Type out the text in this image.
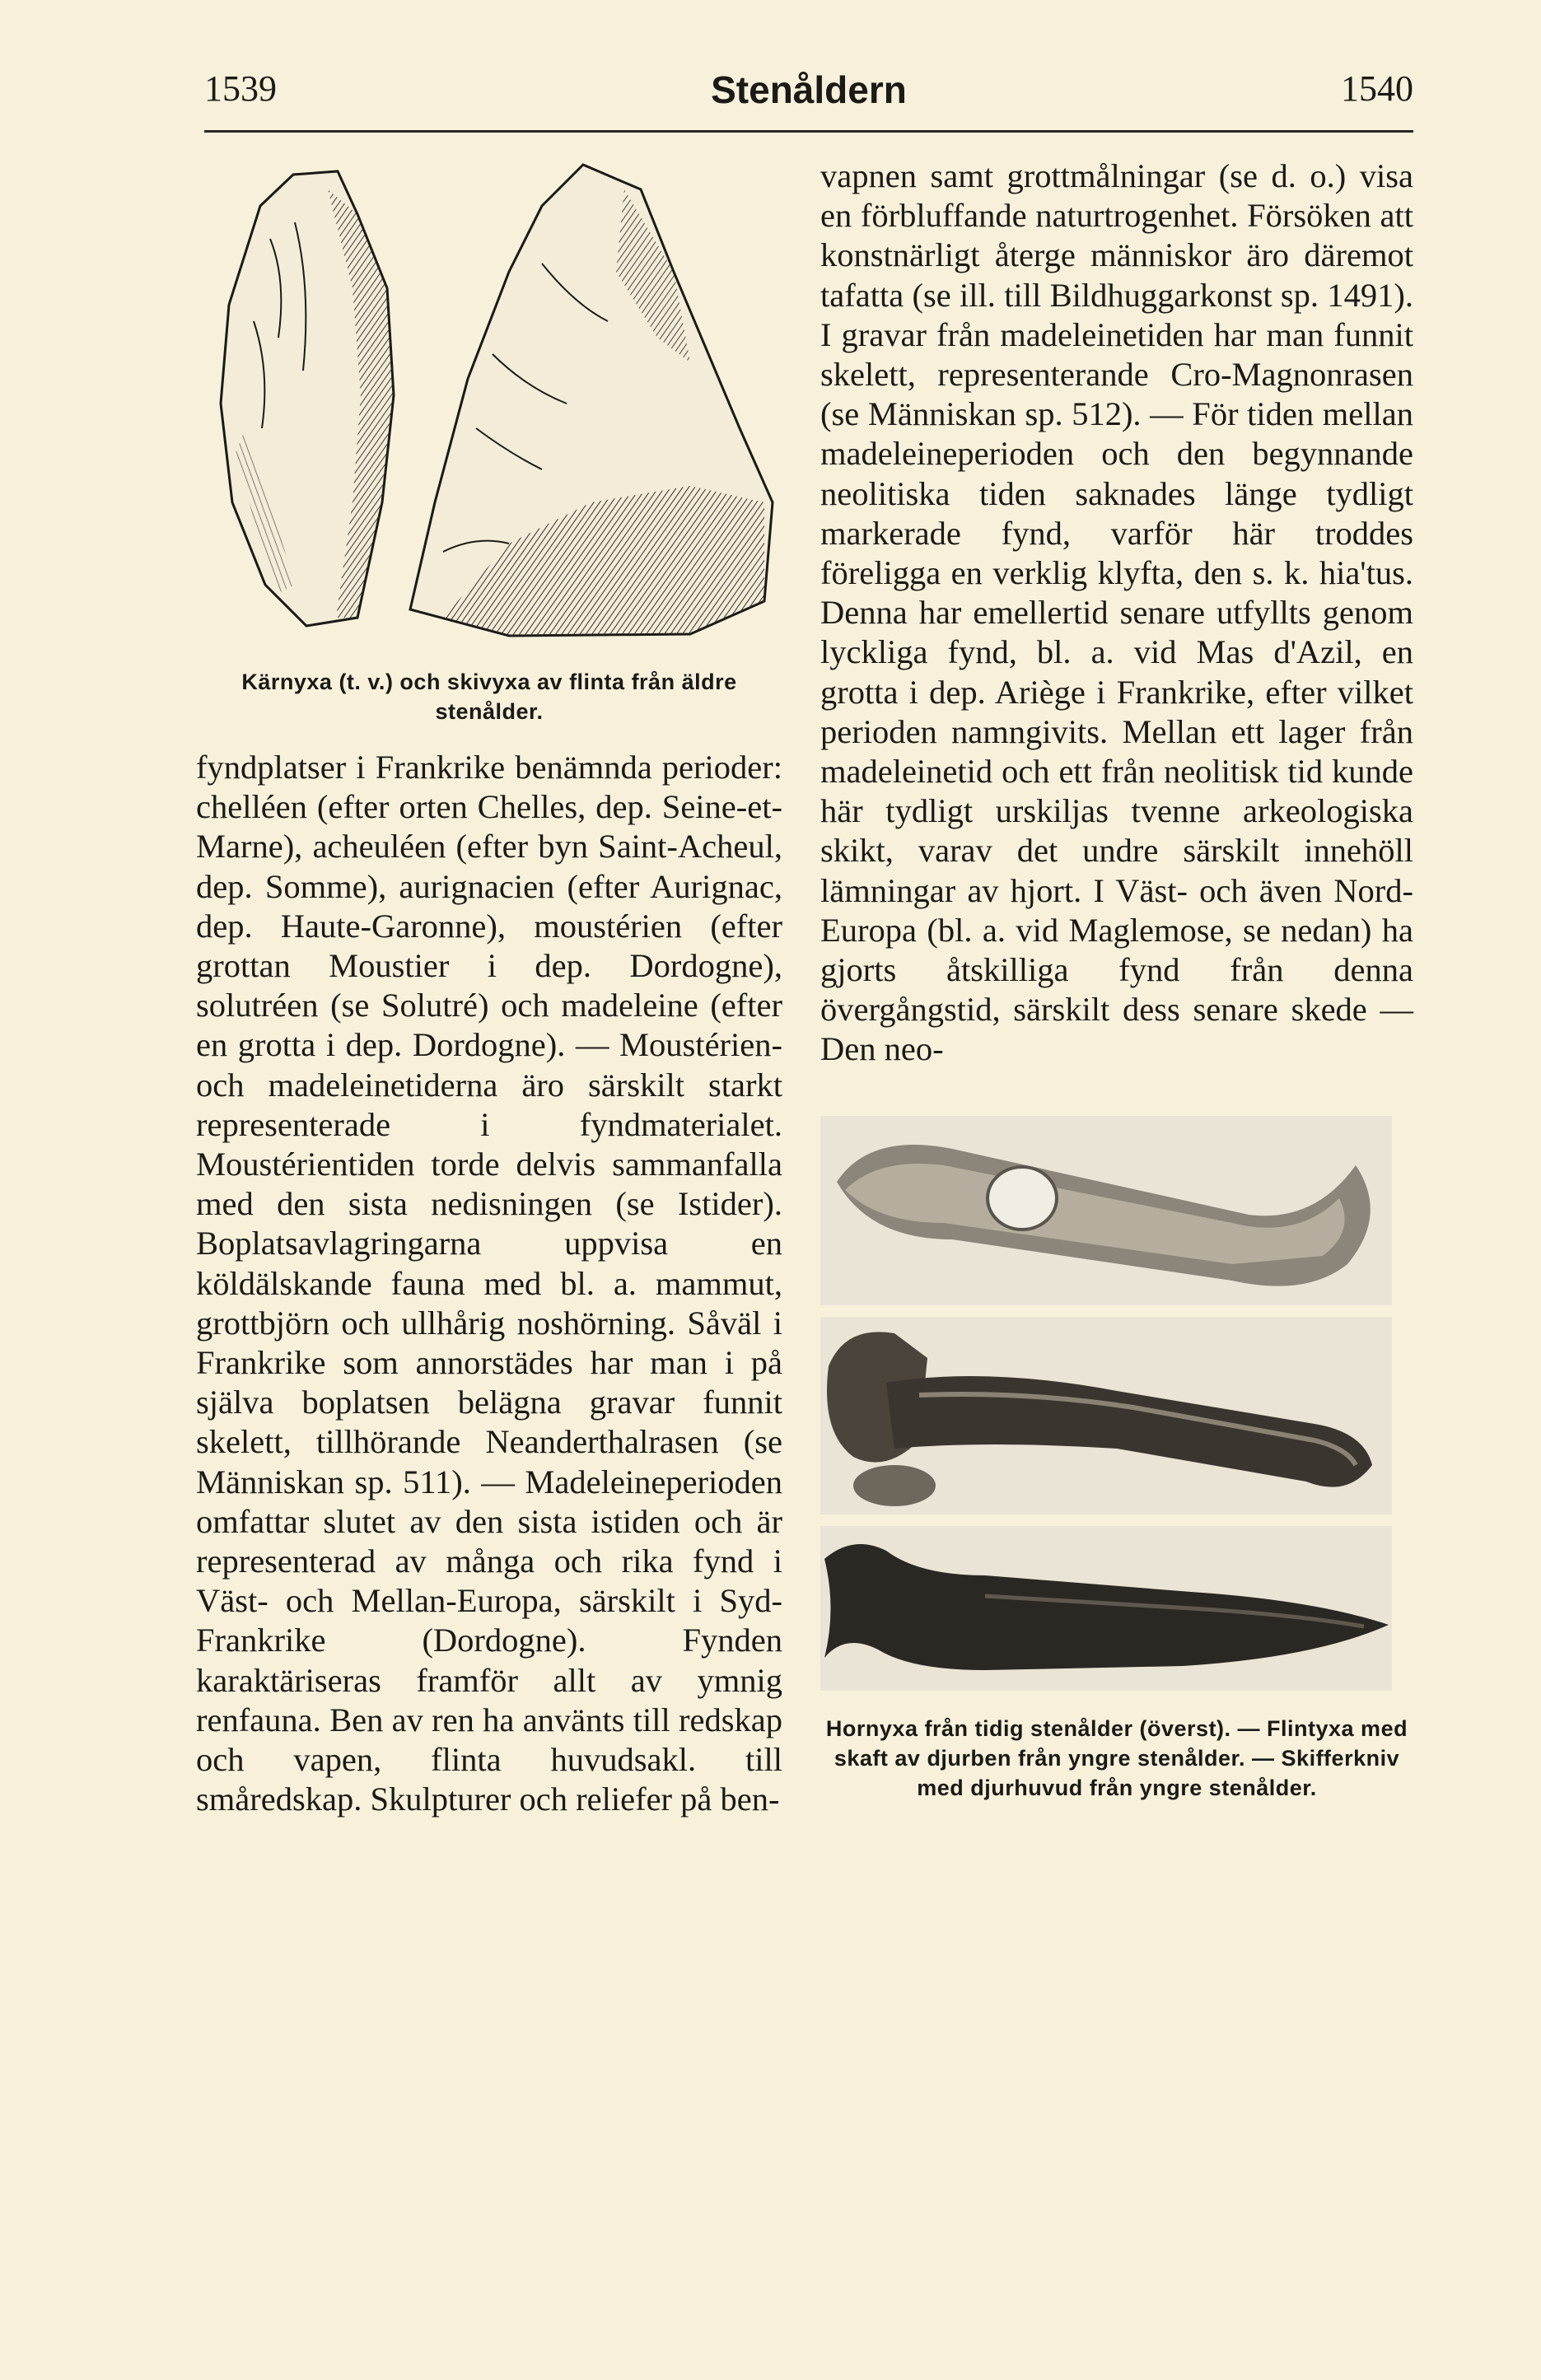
1539	Stenåldern	1540
Kärnyxa (t. v.) och skivyxa av flinta från äldre stenålder.
fyndplatser i Frankrike benämnda perioder: chelléen (efter orten Chelles, dep. Seine-et-Marne), acheuléen (efter byn Saint-Acheul, dep. Somme), aurignacien (efter Aurignac, dep. Haute-Garonne), moustérien (efter grottan Moustier i dep. Dordogne), solutréen (se Solutré) och madeleine (efter en grotta i dep. Dordogne). — Moustérien- och madeleinetiderna äro särskilt starkt representerade i fyndmaterialet. Moustérientiden torde delvis sammanfalla med den sista nedisningen (se Istider). Boplatsavlagringarna uppvisa en köldälskande fauna med bl. a. mammut, grottbjörn och ullhårig noshörning. Såväl i Frankrike som annorstädes har man i på själva boplatsen belägna gravar funnit skelett, tillhörande Neanderthalrasen (se Människan sp. 511). — Madeleineperioden omfattar slutet av den sista istiden och är representerad av många och rika fynd i Väst- och Mellan-Europa, särskilt i Syd-Frankrike (Dordogne). Fynden karaktäriseras framför allt av ymnig renfauna. Ben av ren ha använts till redskap och vapen, flinta huvudsakl. till småredskap. Skulpturer och reliefer på ben-
vapnen samt grottmålningar (se d. o.) visa en förbluffande naturtrogenhet. Försöken att konstnärligt återge människor äro däremot tafatta (se ill. till Bildhuggarkonst sp. 1491). I gravar från madeleinetiden har man funnit skelett, representerande Cro-Magnonrasen (se Människan sp. 512). — För tiden mellan madeleineperioden och den begynnande neolitiska tiden saknades länge tydligt markerade fynd, varför här troddes föreligga en verklig klyfta, den s. k. hia'tus. Denna har emellertid senare utfyllts genom lyckliga fynd, bl. a. vid Mas d'Azil, en grotta i dep. Ariège i Frankrike, efter vilket perioden namngivits. Mellan ett lager från madeleinetid och ett från neolitisk tid kunde här tydligt urskiljas tvenne arkeologiska skikt, varav det undre särskilt innehöll lämningar av hjort. I Väst- och även Nord-Europa (bl. a. vid Maglemose, se nedan) ha gjorts åtskilliga fynd från denna övergångstid, särskilt dess senare skede — Den neo-
Hornyxa från tidig stenålder (överst). — Flintyxa med skaft av djurben från yngre stenålder. — Skifferkniv med djurhuvud från yngre stenålder.
